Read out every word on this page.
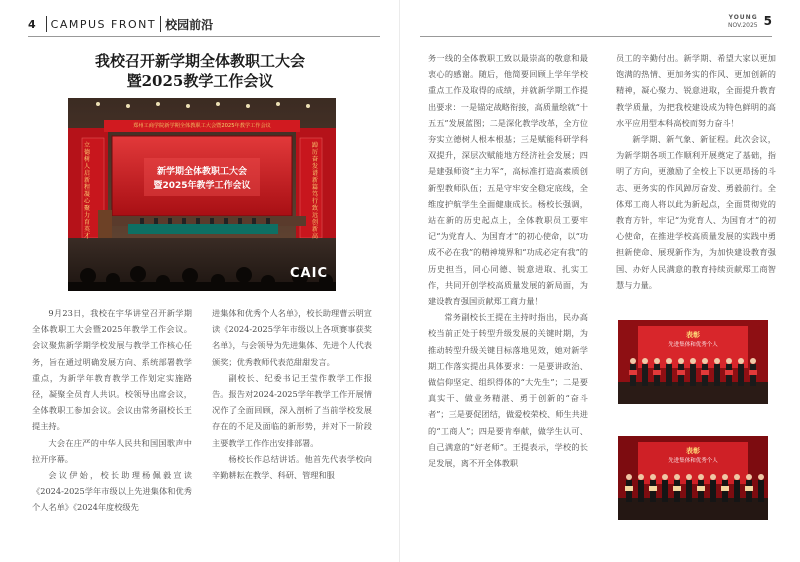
4 CAMPUS FRONT 校园前沿
我校召开新学期全体教职工大会
暨2025教学工作会议
郑州工商学院新学期全体教职工大会暨2025年教学工作会议
新学期全体教职工大会
暨2025年教学工作会议
立德树人启新程 凝心聚力育英才
踔厉奋发谱新篇 笃行致远创新高
CAIC

9月23日，我校在宇华讲堂召开新学期全体教职工大会暨2025年教学工作会议。会议聚焦新学期学校发展与教学工作核心任务，旨在通过明确发展方向、系统部署教学重点，为新学年教育教学工作划定实施路径，凝聚全员育人共识。校领导出席会议，全体教职工参加会议。会议由常务副校长王提主持。

大会在庄严的中华人民共和国国歌声中拉开序幕。

会议伊始，校长助理杨佩毅宣读《2024-2025学年市级以上先进集体和优秀个人名单》《2024年度校级先

进集体和优秀个人名单》，校长助理曹云明宣读《2024-2025学年市级以上各项赛事获奖名单》，与会领导为先进集体、先进个人代表颁奖；优秀教师代表范甜甜发言。

副校长、纪委书记王莹作教学工作报告。报告对2024-2025学年教学工作开展情况作了全面回顾，深入剖析了当前学校发展存在的不足及面临的新形势，并对下一阶段主要教学工作作出安排部署。

杨校长作总结讲话。他首先代表学校向辛勤耕耘在教学、科研、管理和服

YOUNG
NOV.2025 5

务一线的全体教职工致以最崇高的敬意和最衷心的感谢。随后，他简要回顾上学年学校重点工作及取得的成绩，并就新学期工作提出要求：一是锚定战略衔接，高质量绘就“十五五”发展蓝图；二是深化教学改革，全方位夯实立德树人根本根基；三是赋能科研学科双提升，深层次赋能地方经济社会发展；四是建强师资“主力军”，高标准打造高素质创新型教师队伍；五是守牢安全稳定底线，全维度护航学生全面健康成长。杨校长强调，站在新的历史起点上，全体教职员工要牢记“为党育人、为国育才”的初心使命，以“功成不必在我”的精神境界和“功成必定有我”的历史担当，同心同德、锐意进取、扎实工作，共同开创学校高质量发展的新局面，为建设教育强国贡献郑工商力量！

常务副校长王提在主持时指出，民办高校当前正处于转型升级发展的关键时期，为推动转型升级关键目标落地见效，她对新学期工作落实提出具体要求：一是要讲政治、做信仰坚定、组织得体的“大先生”；二是要真实干、做业务精湛、勇于创新的“奋斗者”；三是要促团结，做爱校荣校、师生共进的“工商人”；四是要肯奉献，做学生认可、自己满意的“好老师”。王提表示，学校的长足发展，离不开全体教职

员工的辛勤付出。新学期、希望大家以更加饱满的热情、更加务实的作风、更加创新的精神，凝心聚力、锐意进取，全面提升教育教学质量，为把我校建设成为特色鲜明的高水平应用型本科高校而努力奋斗！

新学期、新气象、新征程。此次会议，为新学期各项工作顺利开展奠定了基础，指明了方向，更激励了全校上下以更昂扬的斗志、更务实的作风踔厉奋发、勇毅前行。全体郑工商人将以此为新起点，全面贯彻党的教育方针，牢记“为党育人、为国育才”的初心使命，在推进学校高质量发展的实践中勇担新使命、展现新作为，为加快建设教育强国、办好人民满意的教育持续贡献郑工商智慧与力量。

表彰
先进集体和优秀个人
表彰
先进集体和优秀个人
